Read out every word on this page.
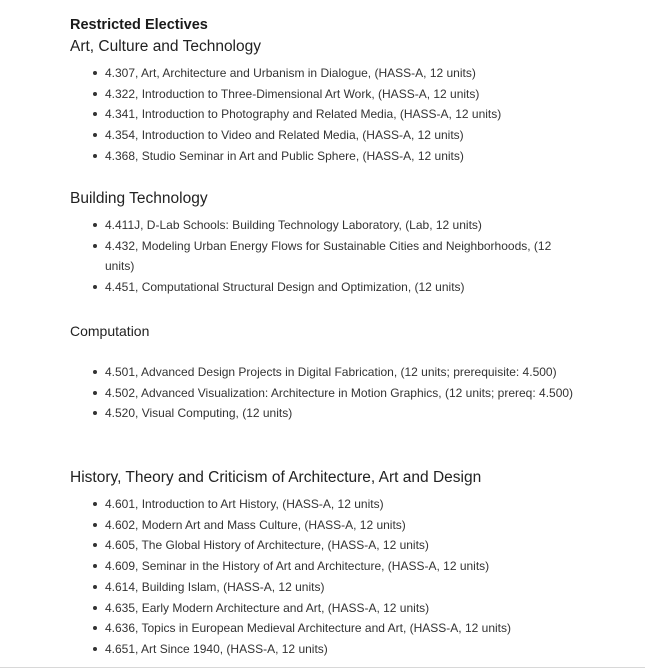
Restricted Electives
Art, Culture and Technology
4.307, Art, Architecture and Urbanism in Dialogue, (HASS-A, 12 units)
4.322, Introduction to Three-Dimensional Art Work, (HASS-A, 12 units)
4.341, Introduction to Photography and Related Media, (HASS-A, 12 units)
4.354, Introduction to Video and Related Media, (HASS-A, 12 units)
4.368, Studio Seminar in Art and Public Sphere, (HASS-A, 12 units)
Building Technology
4.411J, D-Lab Schools: Building Technology Laboratory, (Lab, 12 units)
4.432, Modeling Urban Energy Flows for Sustainable Cities and Neighborhoods, (12 units)
4.451, Computational Structural Design and Optimization, (12 units)
Computation
4.501, Advanced Design Projects in Digital Fabrication, (12 units; prerequisite: 4.500)
4.502, Advanced Visualization: Architecture in Motion Graphics, (12 units; prereq: 4.500)
4.520, Visual Computing, (12 units)
History, Theory and Criticism of Architecture, Art and Design
4.601, Introduction to Art History, (HASS-A, 12 units)
4.602, Modern Art and Mass Culture, (HASS-A, 12 units)
4.605, The Global History of Architecture, (HASS-A, 12 units)
4.609, Seminar in the History of Art and Architecture, (HASS-A, 12 units)
4.614, Building Islam, (HASS-A, 12 units)
4.635, Early Modern Architecture and Art, (HASS-A, 12 units)
4.636, Topics in European Medieval Architecture and Art, (HASS-A, 12 units)
4.651, Art Since 1940, (HASS-A, 12 units)
